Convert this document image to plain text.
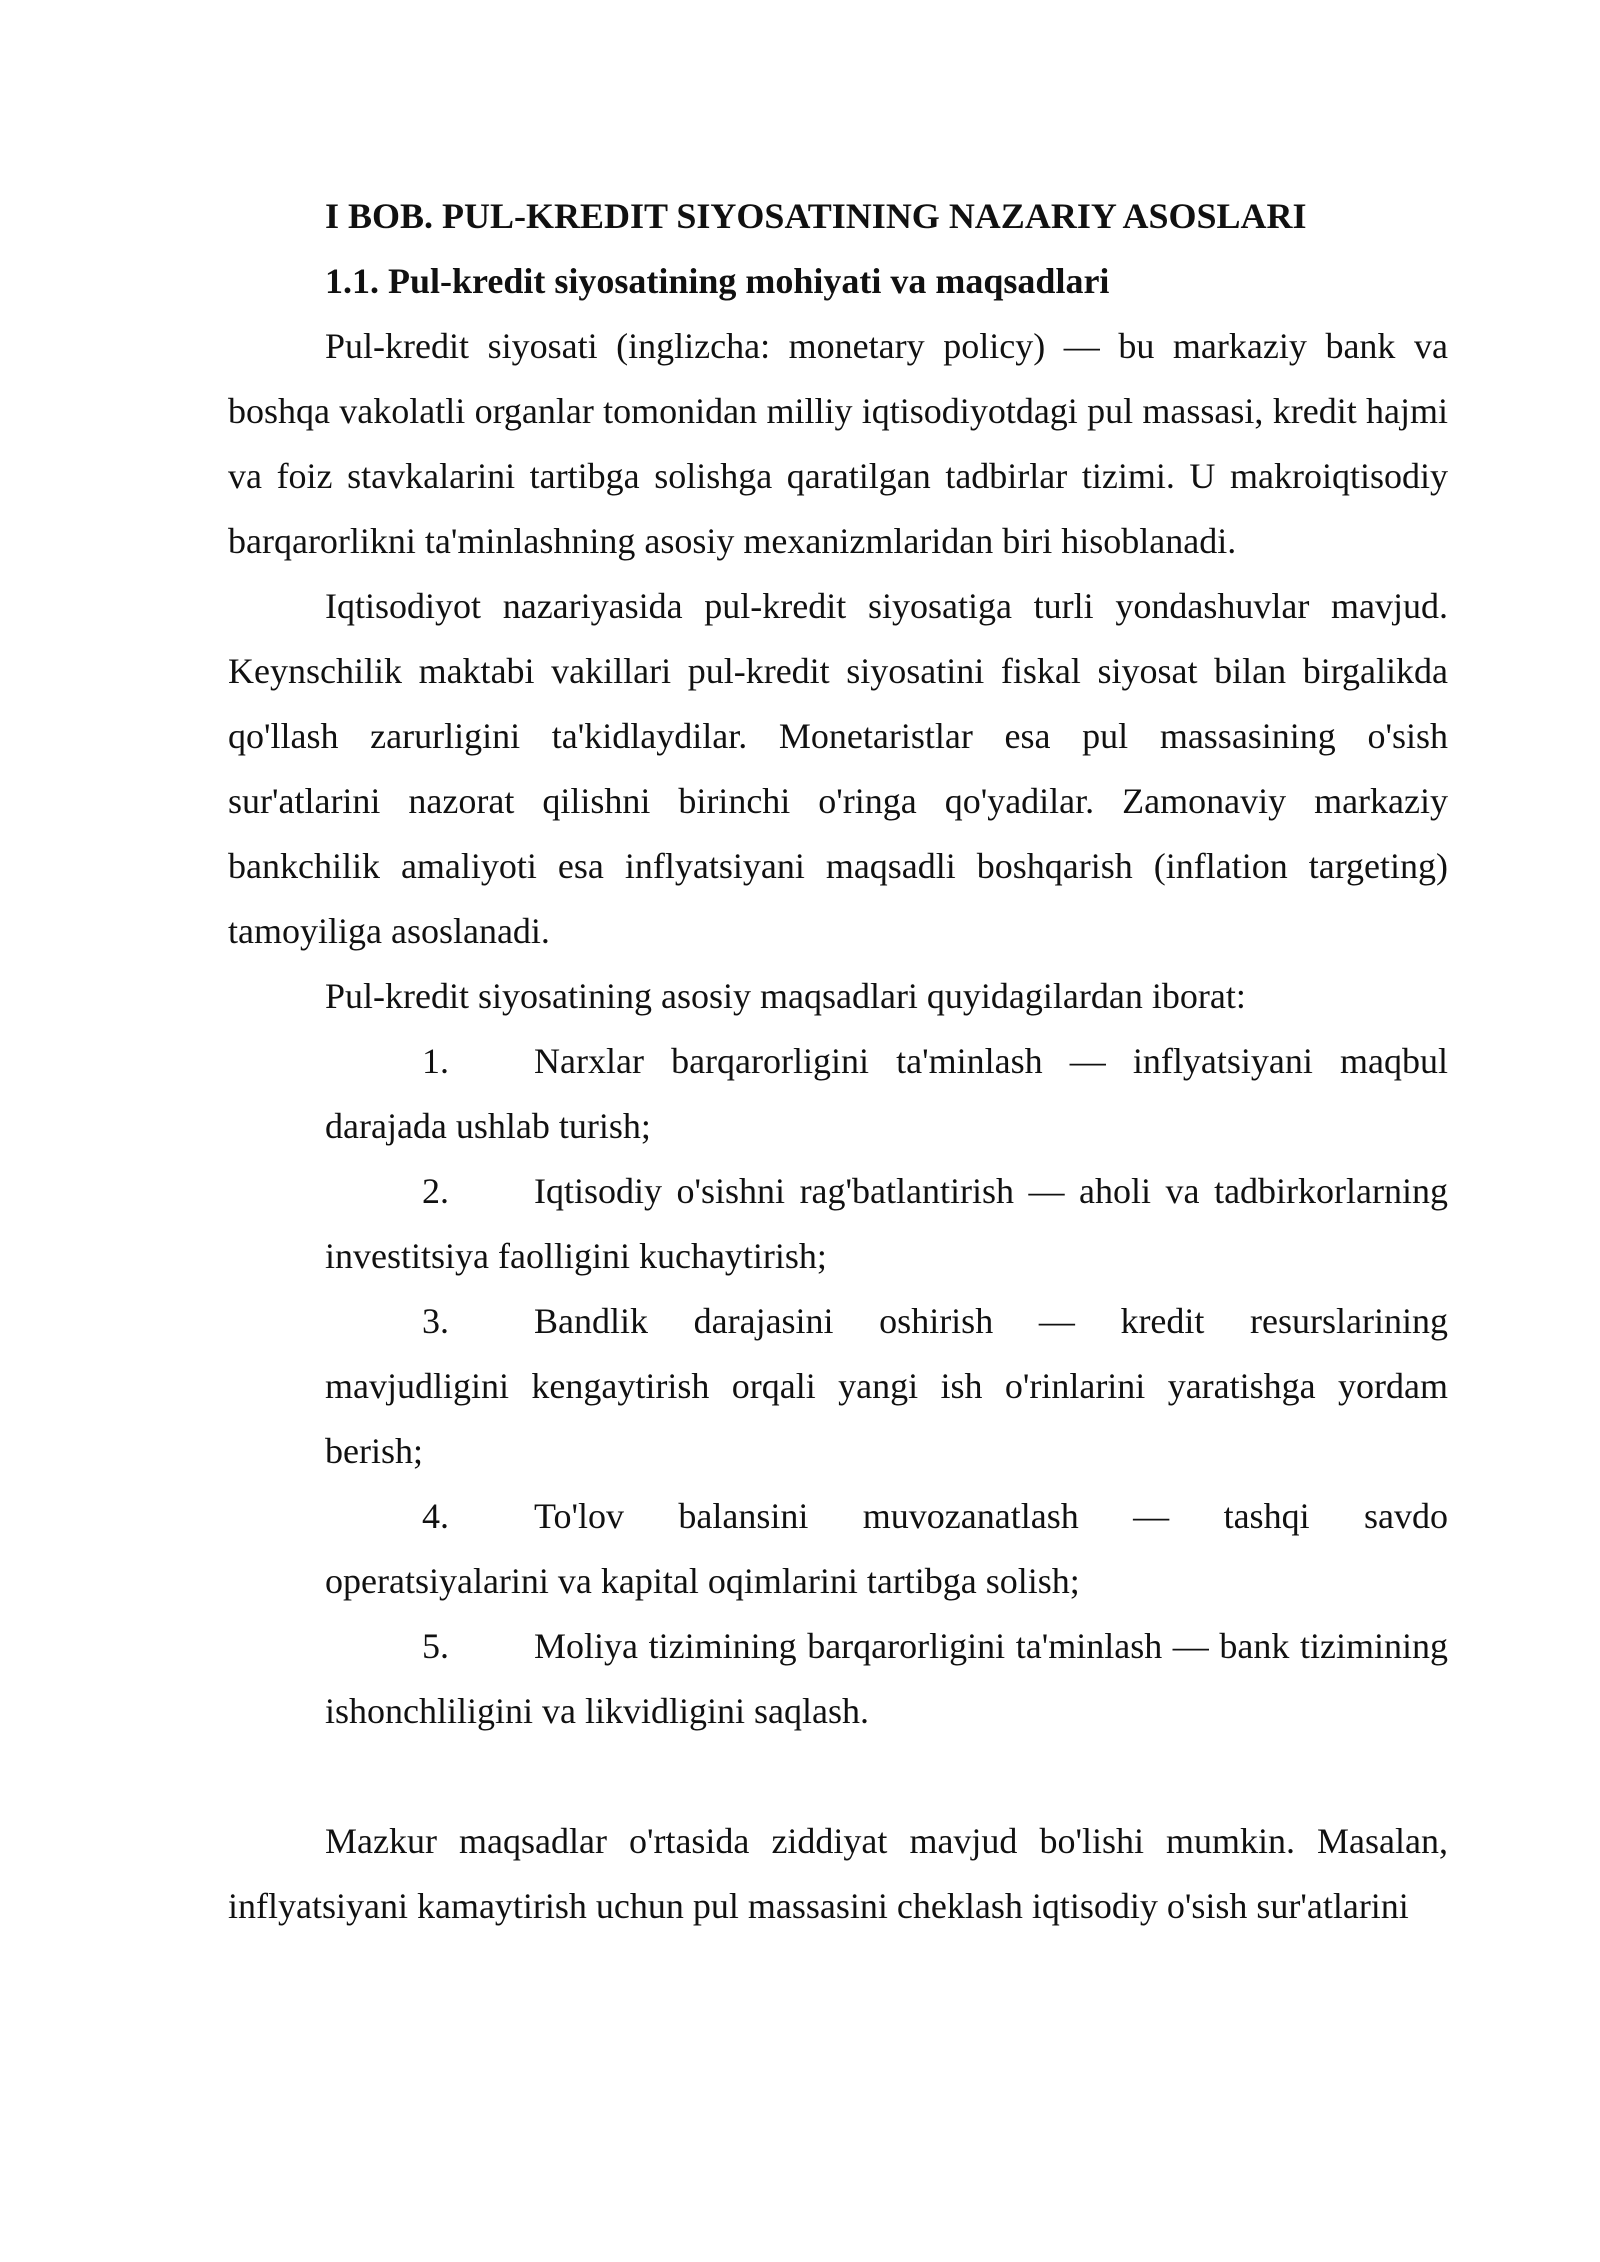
I BOB. PUL-KREDIT SIYOSATINING NAZARIY ASOSLARI
1.1. Pul-kredit siyosatining mohiyati va maqsadlari

Pul-kredit siyosati (inglizcha: monetary policy) — bu markaziy bank va boshqa vakolatli organlar tomonidan milliy iqtisodiyotdagi pul massasi, kredit hajmi va foiz stavkalarini tartibga solishga qaratilgan tadbirlar tizimi. U makroiqtisodiy barqarorlikni ta'minlashning asosiy mexanizmlaridan biri hisoblanadi.

Iqtisodiyot nazariyasida pul-kredit siyosatiga turli yondashuvlar mavjud. Keynschilik maktabi vakillari pul-kredit siyosatini fiskal siyosat bilan birgalikda qo'llash zarurligini ta'kidlaydilar. Monetaristlar esa pul massasining o'sish sur'atlarini nazorat qilishni birinchi o'ringa qo'yadilar. Zamonaviy markaziy bankchilik amaliyoti esa inflyatsiyani maqsadli boshqarish (inflation targeting) tamoyiliga asoslanadi.

Pul-kredit siyosatining asosiy maqsadlari quyidagilardan iborat:

1. Narxlar barqarorligini ta'minlash — inflyatsiyani maqbul darajada ushlab turish;
2. Iqtisodiy o'sishni rag'batlantirish — aholi va tadbirkorlarning investitsiya faolligini kuchaytirish;
3. Bandlik darajasini oshirish — kredit resurslarining mavjudligini kengaytirish orqali yangi ish o'rinlarini yaratishga yordam berish;
4. To'lov balansini muvozanatlash — tashqi savdo operatsiyalarini va kapital oqimlarini tartibga solish;
5. Moliya tizimining barqarorligini ta'minlash — bank tizimining ishonchliligini va likvidligini saqlash.

Mazkur maqsadlar o'rtasida ziddiyat mavjud bo'lishi mumkin. Masalan, inflyatsiyani kamaytirish uchun pul massasini cheklash iqtisodiy o'sish sur'atlarini
